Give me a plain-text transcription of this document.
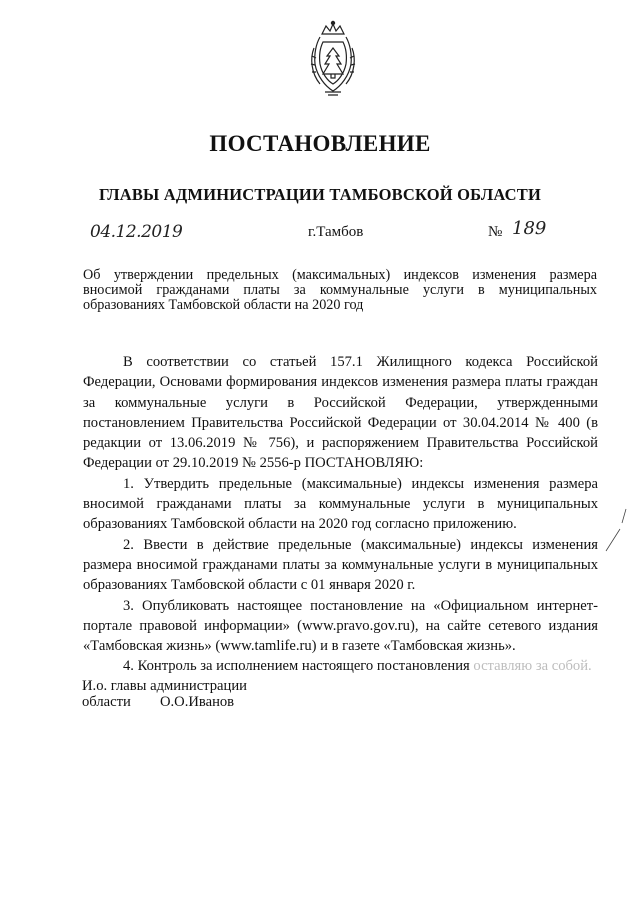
ПОСТАНОВЛЕНИЕ
ГЛАВЫ АДМИНИСТРАЦИИ ТАМБОВСКОЙ ОБЛАСТИ
04.12.2019	г.Тамбов	№ 189

Об утверждении предельных (максимальных) индексов изменения размера вносимой гражданами платы за коммунальные услуги в муниципальных образованиях Тамбовской области на 2020 год

В соответствии со статьей 157.1 Жилищного кодекса Российской Федерации, Основами формирования индексов изменения размера платы граждан за коммунальные услуги в Российской Федерации, утвержденными постановлением Правительства Российской Федерации от 30.04.2014 № 400 (в редакции от 13.06.2019 № 756), и распоряжением Правительства Российской Федерации от 29.10.2019 № 2556-р ПОСТАНОВЛЯЮ:

1. Утвердить предельные (максимальные) индексы изменения размера вносимой гражданами платы за коммунальные услуги в муниципальных образованиях Тамбовской области на 2020 год согласно приложению.

2. Ввести в действие предельные (максимальные) индексы изменения размера вносимой гражданами платы за коммунальные услуги в муниципальных образованиях Тамбовской области с 01 января 2020 г.

3. Опубликовать настоящее постановление на «Официальном интернет-портале правовой информации» (www.pravo.gov.ru), на сайте сетевого издания «Тамбовская жизнь» (www.tamlife.ru) и в газете «Тамбовская жизнь».

4. Контроль за исполнением настоящего постановления оставляю за собой.

И.о. главы администрации

области О.О.Иванов
